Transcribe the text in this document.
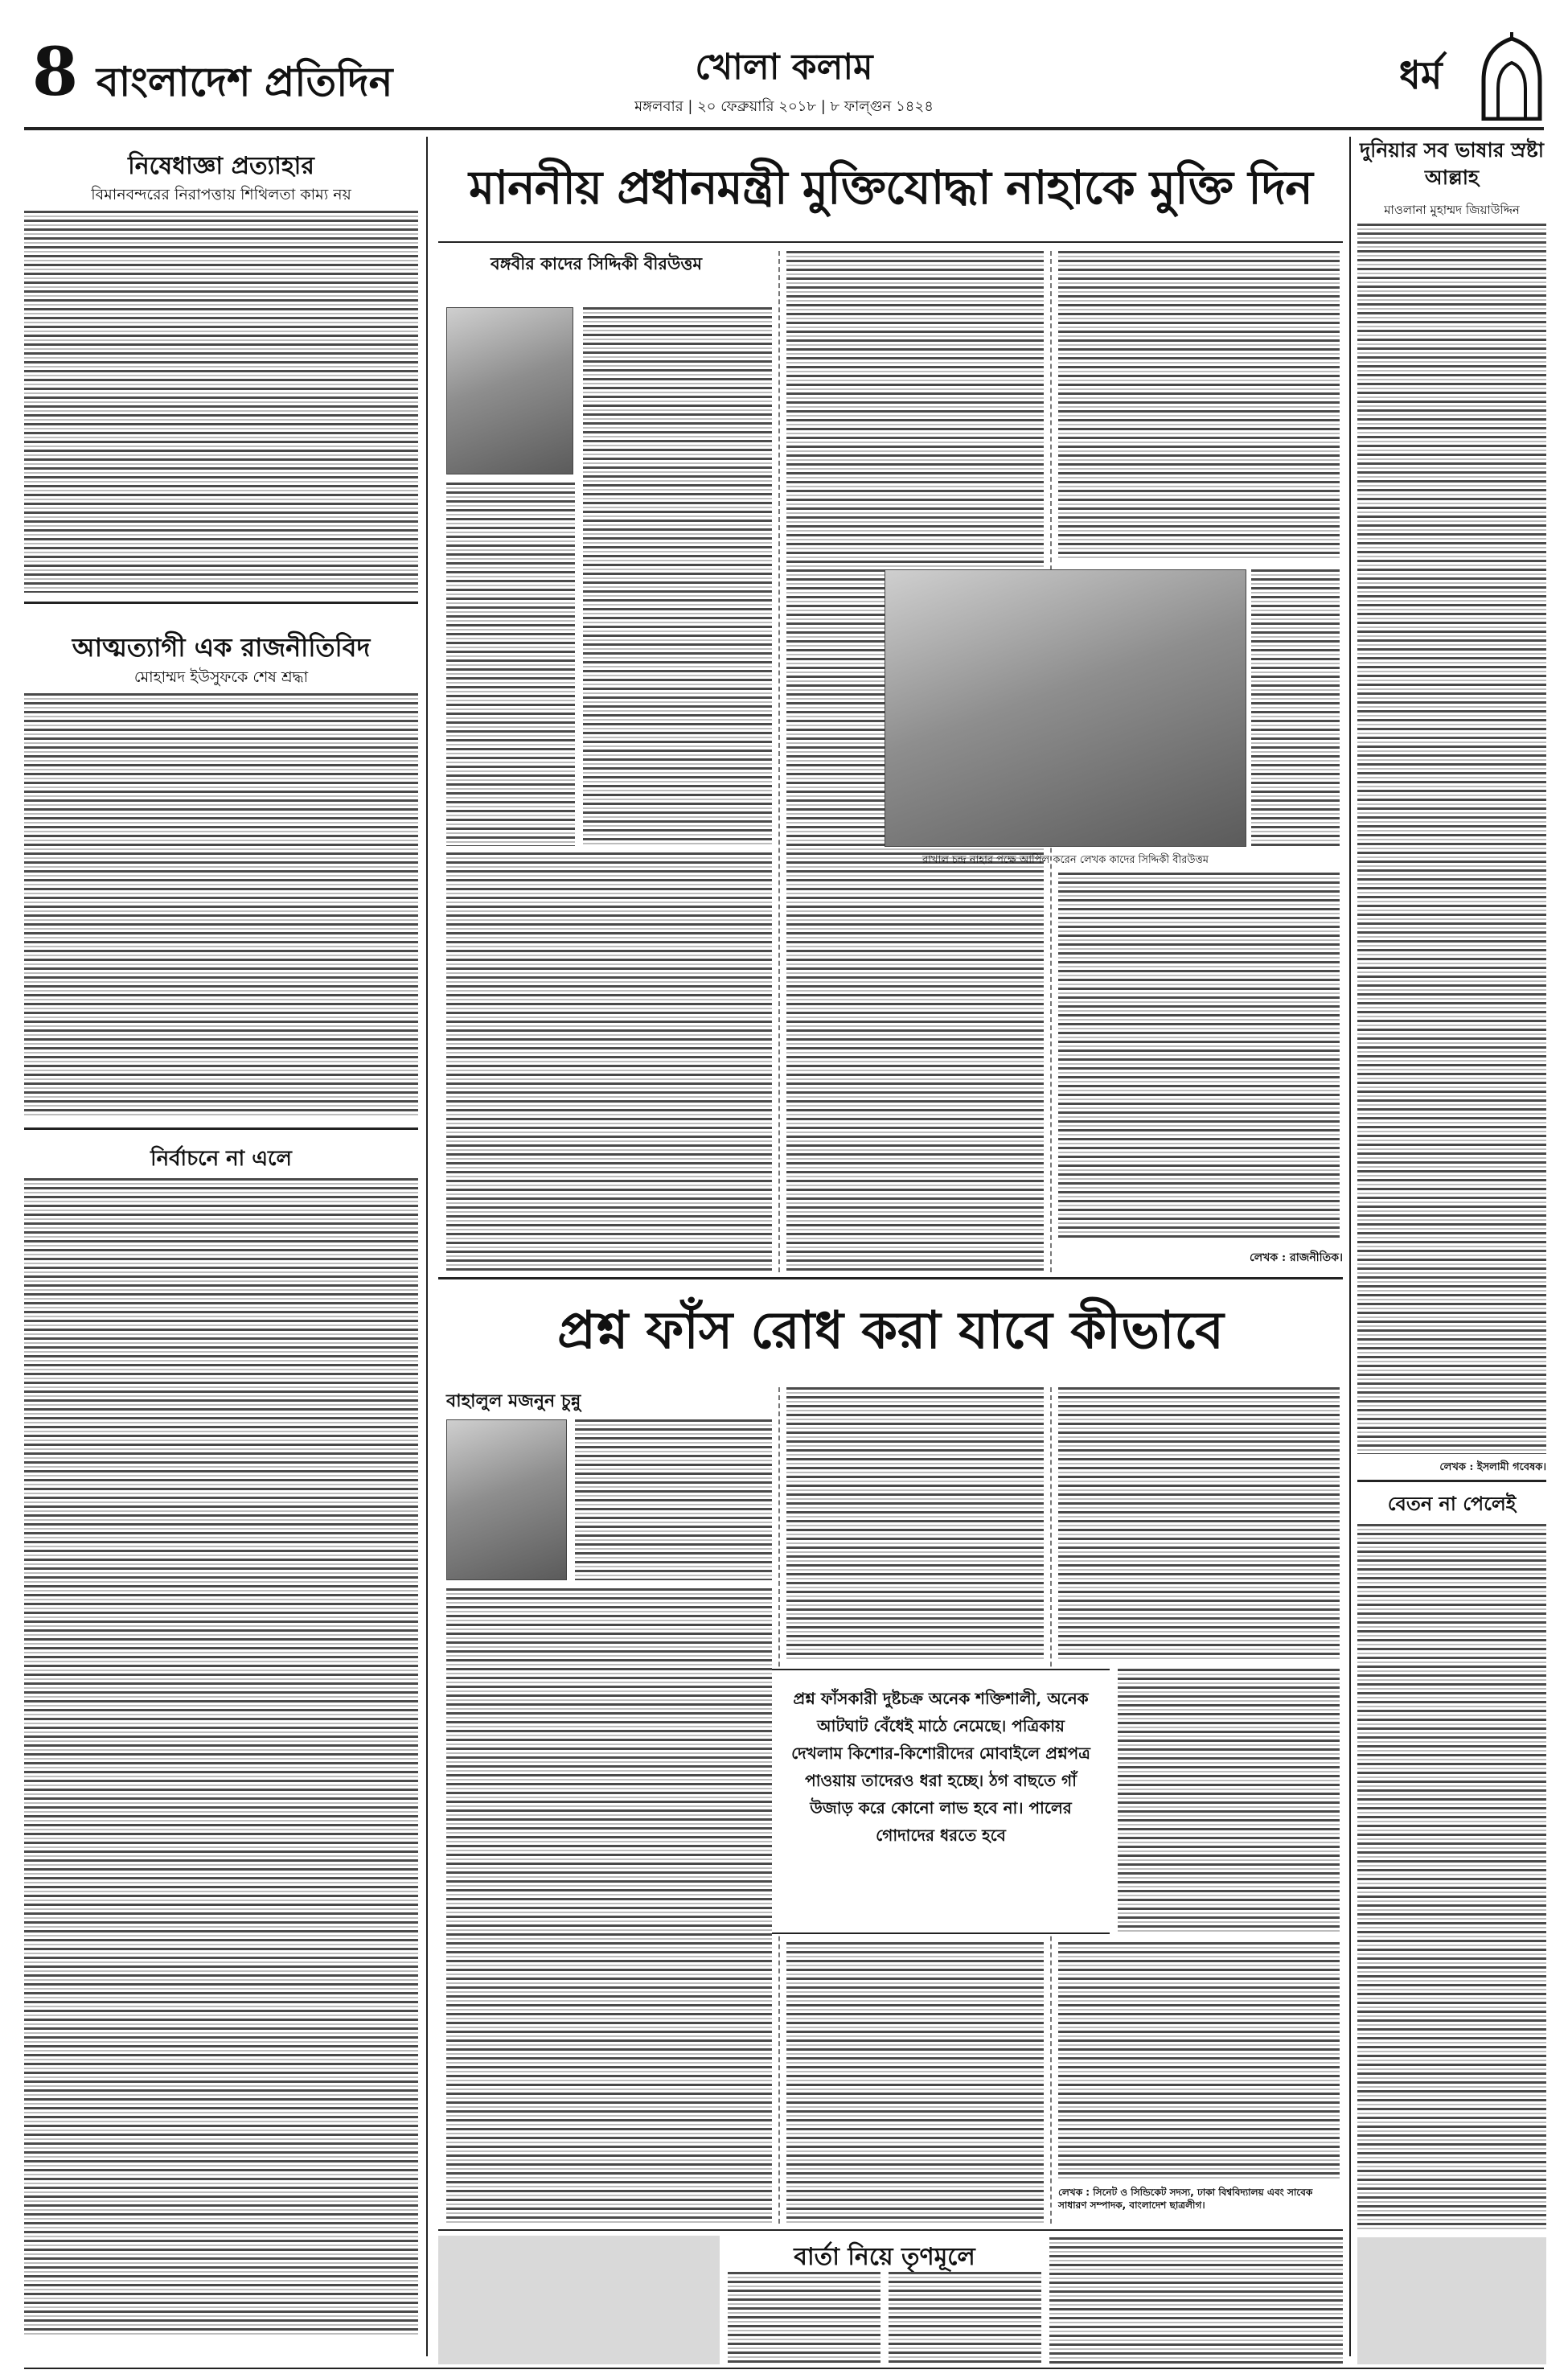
8 বাংলাদেশ প্রতিদিন	খোলা কলাম
মঙ্গলবার | ২০ ফেব্রুয়ারি ২০১৮ | ৮ ফাল্গুন ১৪২৪
ধর্ম
নিষেধাজ্ঞা প্রত্যাহার
বিমানবন্দরের নিরাপত্তায় শিথিলতা কাম্য নয়
আত্মত্যাগী এক রাজনীতিবিদ
মোহাম্মদ ইউসুফকে শেষ শ্রদ্ধা
নির্বাচনে না এলে
মাননীয় প্রধানমন্ত্রী মুক্তিযোদ্ধা নাহাকে মুক্তি দিন
বঙ্গবীর কাদের সিদ্দিকী বীরউত্তম
রাখাল চন্দ্র নাহার পক্ষে আপিল করেন লেখক কাদের সিদ্দিকী বীরউত্তম
লেখক : রাজনীতিক।
প্রশ্ন ফাঁস রোধ করা যাবে কীভাবে
বাহালুল মজনুন চুন্নু
প্রশ্ন ফাঁসকারী দুষ্টচক্র অনেক শক্তিশালী, অনেক আটঘাট বেঁধেই মাঠে নেমেছে। পত্রিকায় দেখলাম কিশোর-কিশোরীদের মোবাইলে প্রশ্নপত্র পাওয়ায় তাদেরও ধরা হচ্ছে। ঠগ বাছতে গাঁ উজাড় করে কোনো লাভ হবে না। পালের গোদাদের ধরতে হবে
লেখক : সিনেট ও সিন্ডিকেট সদস্য, ঢাকা বিশ্ববিদ্যালয় এবং সাবেক সাধারণ সম্পাদক, বাংলাদেশ ছাত্রলীগ।
বার্তা নিয়ে তৃণমূলে
দুনিয়ার সব ভাষার স্রষ্টা আল্লাহ
মাওলানা মুহাম্মদ জিয়াউদ্দিন
লেখক : ইসলামী গবেষক।
বেতন না পেলেই
